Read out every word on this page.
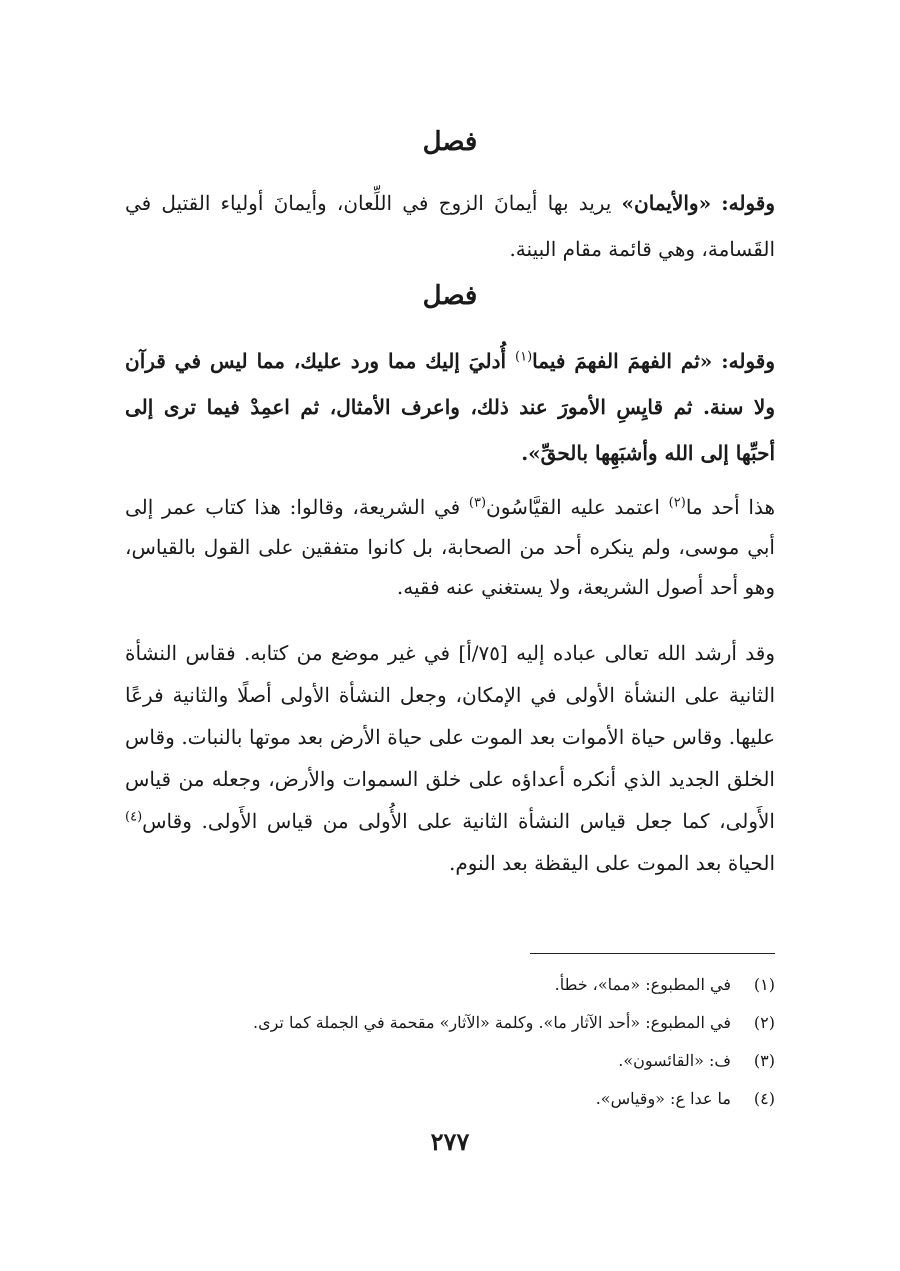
فصل
وقوله: «والأيمان» يريد بها أيمانَ الزوج في اللِّعان، وأيمانَ أولياء القتيل في القَسامة، وهي قائمة مقام البينة.
فصل
وقوله: «ثم الفهمَ الفهمَ فيما$^{(١)}$ أُدليَ إليك مما ورد عليك، مما ليس في قرآن ولا سنة. ثم قايِسِ الأمورَ عند ذلك، واعرف الأمثال، ثم اعمِدْ فيما ترى إلى أحبِّها إلى الله وأشبَهِها بالحقِّ».
هذا أحد ما$^{(٢)}$ اعتمد عليه القيَّاسُون$^{(٣)}$ في الشريعة، وقالوا: هذا كتاب عمر إلى أبي موسى، ولم ينكره أحد من الصحابة، بل كانوا متفقين على القول بالقياس، وهو أحد أصول الشريعة، ولا يستغني عنه فقيه.
وقد أرشد الله تعالى عباده إليه [٧٥/أ] في غير موضع من كتابه. فقاس النشأة الثانية على النشأة الأولى في الإمكان، وجعل النشأة الأولى أصلًا والثانية فرعًا عليها. وقاس حياة الأموات بعد الموت على حياة الأرض بعد موتها بالنبات. وقاس الخلق الجديد الذي أنكره أعداؤه على خلق السموات والأرض، وجعله من قياس الأَولى، كما جعل قياس النشأة الثانية على الأُولى من قياس الأَولى. وقاس$^{(٤)}$ الحياة بعد الموت على اليقظة بعد النوم.
(١)في المطبوع: «مما»، خطأ.
(٢)في المطبوع: «أحد الآثار ما». وكلمة «الآثار» مقحمة في الجملة كما ترى.
(٣)ف: «القائسون».
(٤)ما عدا ع: «وقياس».
٢٧٧
